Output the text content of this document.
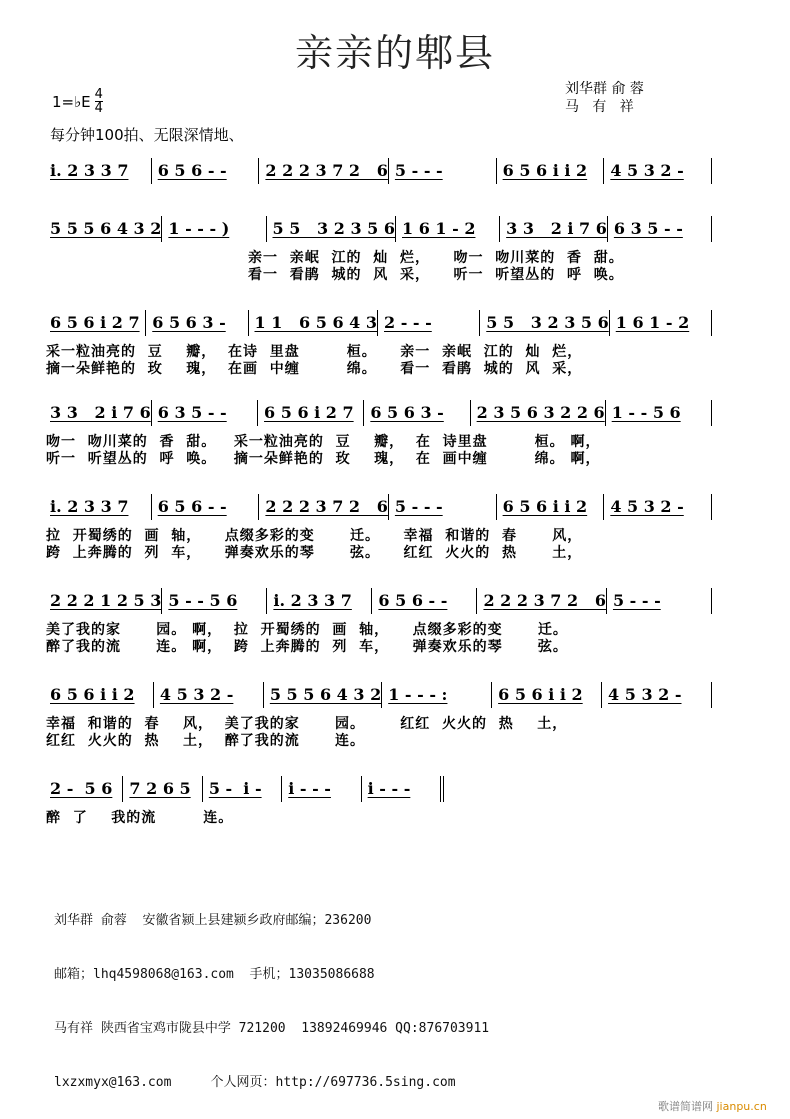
亲亲的郫县
1=♭E $\frac{4}{4}$	刘华群 俞 蓉
马   有   祥
每分钟100拍、无限深情地、
i. 2 3 3 7	6 5 6 - -	2 2 2 3 7 2   6 5 - - -	6 5 6 i i 2	4 5 3 2 -
5 5 5 6 4 3 2 1 - - - )	5 5   3 2 3 5 6 1 6 1 - 2	3 3   2 i 7 6 6 3 5 - -
亲一  亲岷  江的  灿  烂，    吻一  吻川菜的  香  甜。
看一  看鹃  城的  风  采，    听一  听望丛的  呼  唤。
6 5 6 i 2 7 6 5 6 3 -	1 1   6 5 6 4 3 2 - - -	5 5   3 2 3 5 6 1 6 1 - 2
采一粒油亮的  豆    瓣，  在诗  里盘        桓。    亲一  亲岷  江的  灿  烂，
摘一朵鲜艳的  玫    瑰，  在画  中缠        绵。    看一  看鹃  城的  风  采，
3 3   2 i 7 6 6 3 5 - -	6 5 6 i 2 7	6 5 6 3 -	2 3 5 6 3 2 2 6 1 - - 5 6
吻一  吻川菜的  香  甜。   采一粒油亮的  豆    瓣，  在  诗里盘        桓。 啊，
听一  听望丛的  呼  唤。   摘一朵鲜艳的  玫    瑰，  在  画中缠        绵。 啊，
i. 2 3 3 7	6 5 6 - -	2 2 2 3 7 2   6 5 - - -	6 5 6 i i 2	4 5 3 2 -
拉  开蜀绣的  画  轴，    点缀多彩的变      迁。    幸福  和谐的  春      风，
跨  上奔腾的  列  车，    弹奏欢乐的琴      弦。    红红  火火的  热      土，
2 2 2 1 2 5 3 5 - - 5 6	i. 2 3 3 7	6 5 6 - -	2 2 2 3 7 2   6 5 - - -
美了我的家      园。 啊，  拉  开蜀绣的  画  轴，    点缀多彩的变      迁。
醉了我的流      连。 啊，  跨  上奔腾的  列  车，    弹奏欢乐的琴      弦。
6 5 6 i i 2	4 5 3 2 -	5 5 5 6 4 3 2 1 - - - :	6 5 6 i i 2	4 5 3 2 -
幸福  和谐的  春    风，  美了我的家      园。      红红  火火的  热    土，
红红  火火的  热    土，  醉了我的流      连。
2 -  5 6	7 2 6 5	5 -  i -	i - - -	i - - -
醉  了    我的流        连。

刘华群 俞蓉  安徽省颍上县建颍乡政府邮编；236200

邮箱；lhq4598068@163.com  手机；13035086688

马有祥 陕西省宝鸡市陇县中学 721200  13892469946 QQ:876703911

lxzxmyx@163.com     个人网页：http://697736.5sing.com

歌谱简谱网 jianpu.cn
